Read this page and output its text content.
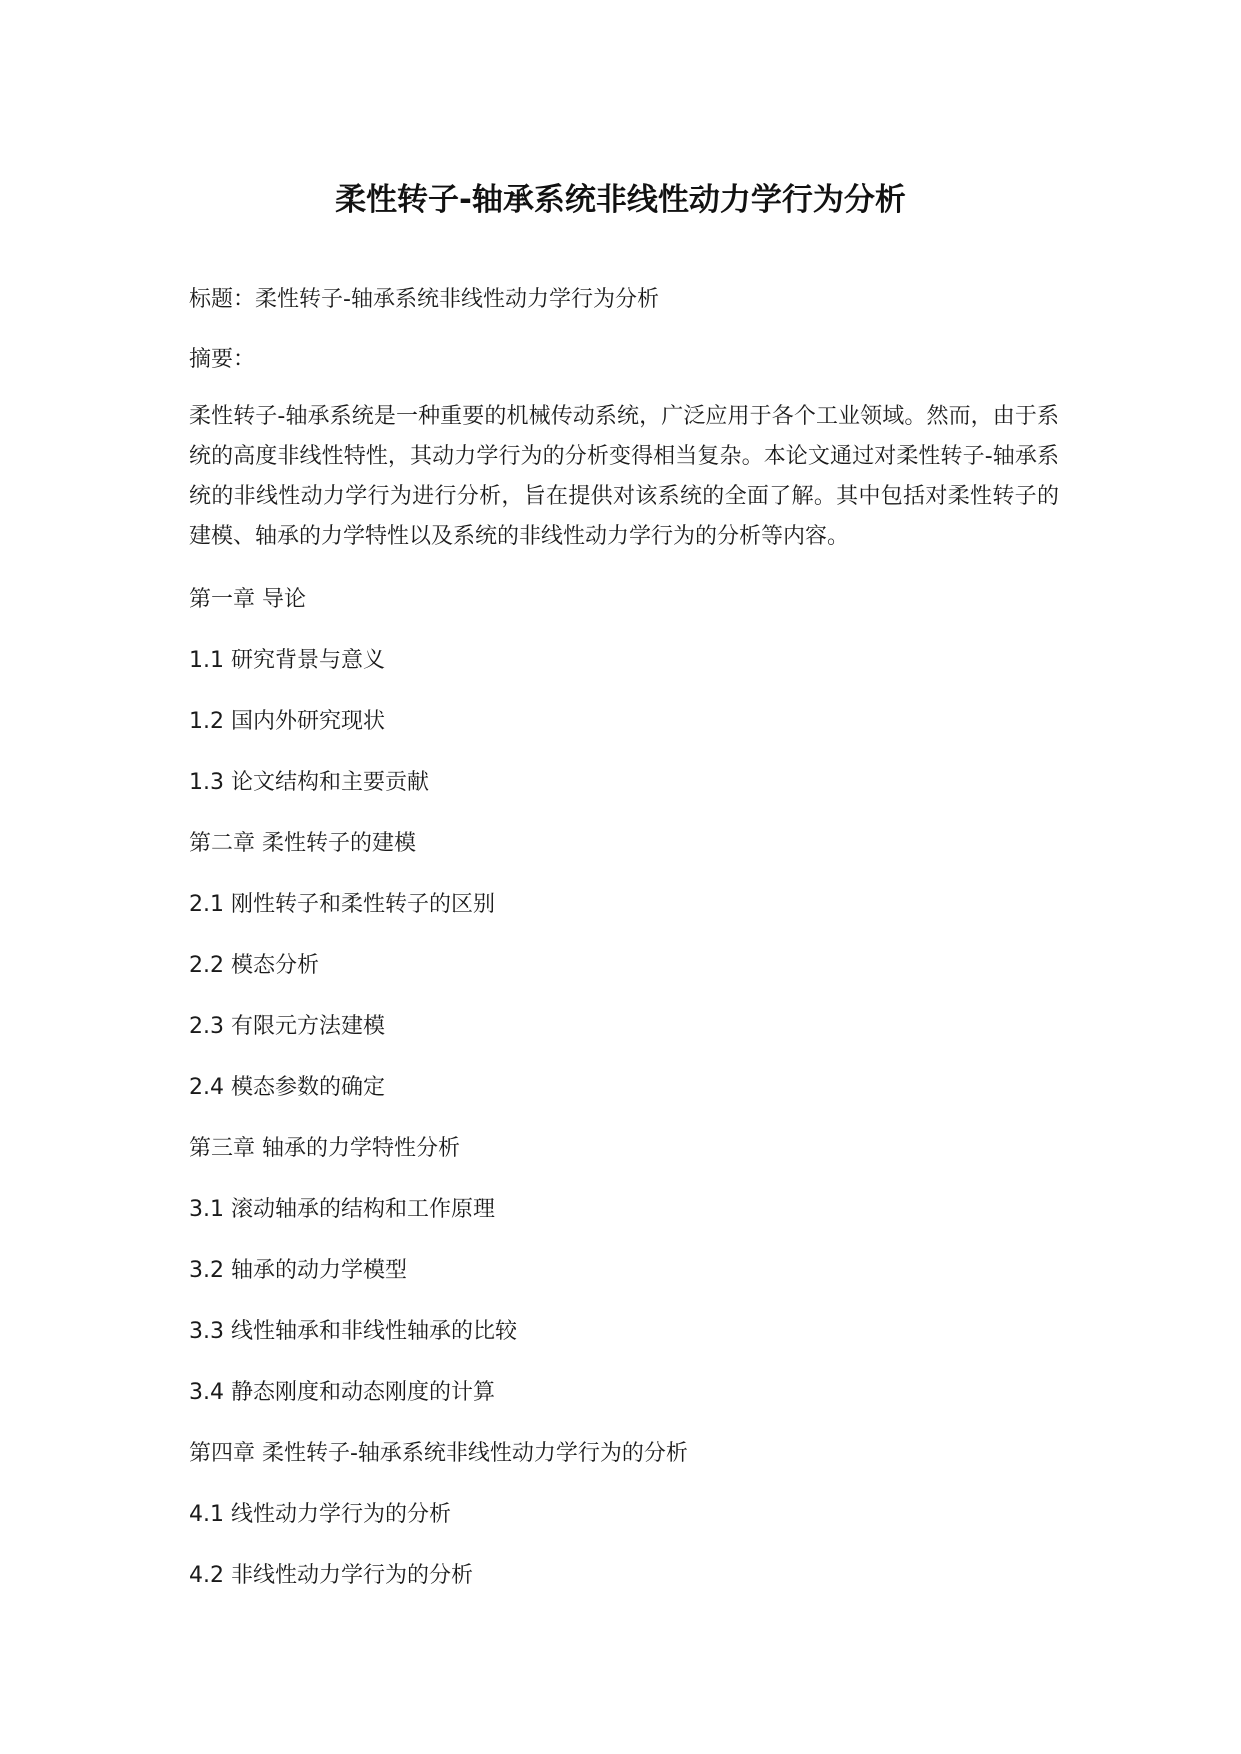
柔性转子-轴承系统非线性动力学行为分析

标题：柔性转子-轴承系统非线性动力学行为分析

摘要：

柔性转子-轴承系统是一种重要的机械传动系统，广泛应用于各个工业领域。然而，由于系统的高度非线性特性，其动力学行为的分析变得相当复杂。本论文通过对柔性转子-轴承系统的非线性动力学行为进行分析，旨在提供对该系统的全面了解。其中包括对柔性转子的建模、轴承的力学特性以及系统的非线性动力学行为的分析等内容。

第一章 导论

1.1 研究背景与意义

1.2 国内外研究现状

1.3 论文结构和主要贡献

第二章 柔性转子的建模

2.1 刚性转子和柔性转子的区别

2.2 模态分析

2.3 有限元方法建模

2.4 模态参数的确定

第三章 轴承的力学特性分析

3.1 滚动轴承的结构和工作原理

3.2 轴承的动力学模型

3.3 线性轴承和非线性轴承的比较

3.4 静态刚度和动态刚度的计算

第四章 柔性转子-轴承系统非线性动力学行为的分析

4.1 线性动力学行为的分析

4.2 非线性动力学行为的分析
